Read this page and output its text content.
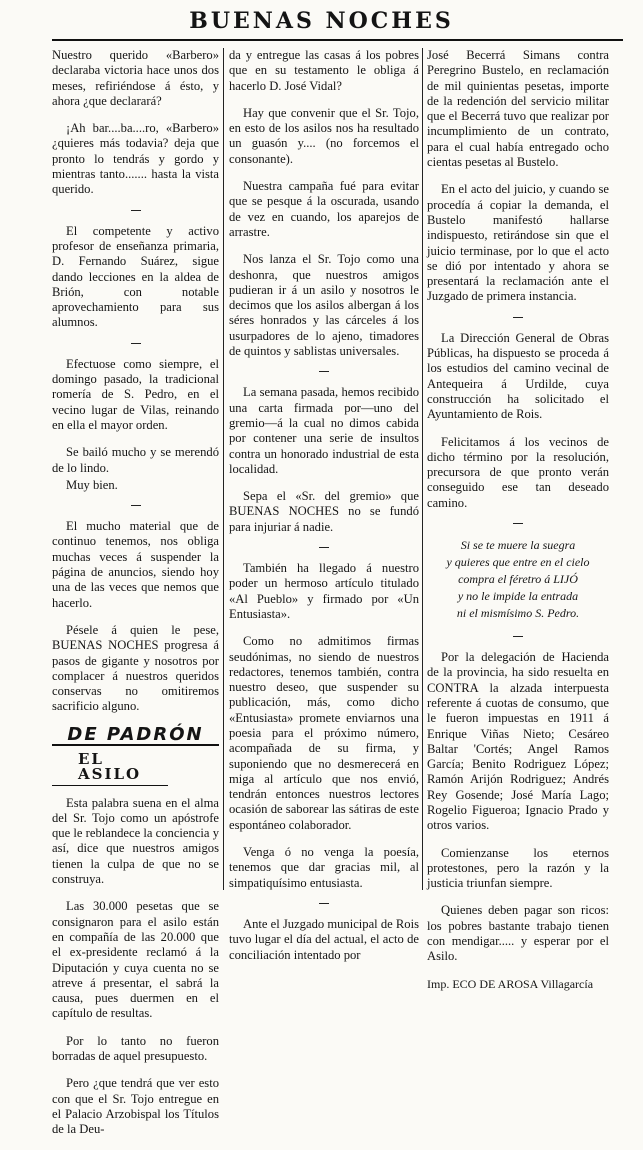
BUENAS NOCHES

Nuestro querido «Barbero» declaraba victoria hace unos dos meses, refiriéndose á ésto, y ahora ¿que declarará?

¡Ah bar....ba....ro, «Barbero» ¿quieres más todavia? deja que pronto lo tendrás y gordo y mientras tanto....... hasta la vista querido.

El competente y activo profesor de enseñanza primaria, D. Fernando Suárez, sigue dando lecciones en la aldea de Brión, con notable aprovechamiento para sus alumnos.

Efectuose como siempre, el domingo pasado, la tradicional romería de S. Pedro, en el vecino lugar de Vilas, reinando en ella el mayor orden.

Se bailó mucho y se merendó de lo lindo.

Muy bien.

El mucho material que de continuo tenemos, nos obliga muchas veces á suspender la página de anuncios, siendo hoy una de las veces que nemos que hacerlo.

Pésele á quien le pese, BUENAS NOCHES progresa á pasos de gigante y nosotros por complacer á nuestros queridos conservas no omitiremos sacrificio alguno.

DE PADRÓN
EL ASILO

Esta palabra suena en el alma del Sr. Tojo como un apóstrofe que le reblandece la conciencia y así, dice que nuestros amigos tienen la culpa de que no se construya.

Las 30.000 pesetas que se consignaron para el asilo están en compañía de las 20.000 que el ex-presidente reclamó á la Diputación y cuya cuenta no se atreve á presentar, el sabrá la causa, pues duermen en el capítulo de resultas.

Por lo tanto no fueron borradas de aquel presupuesto.

Pero ¿que tendrá que ver esto con que el Sr. Tojo entregue en el Palacio Arzobispal los Títulos de la Deu-

da y entregue las casas á los pobres que en su testamento le obliga á hacerlo D. José Vidal?

Hay que convenir que el Sr. Tojo, en esto de los asilos nos ha resultado un guasón y.... (no forcemos el consonante).

Nuestra campaña fué para evitar que se pesque á la oscurada, usando de vez en cuando, los aparejos de arrastre.

Nos lanza el Sr. Tojo como una deshonra, que nuestros amigos pudieran ir á un asilo y nosotros le decimos que los asilos albergan á los séres honrados y las cárceles á los usurpadores de lo ajeno, timadores de quintos y sablistas universales.

La semana pasada, hemos recibido una carta firmada por—uno del gremio—á la cual no dimos cabida por contener una serie de insultos contra un honorado industrial de esta localidad.

Sepa el «Sr. del gremio» que BUENAS NOCHES no se fundó para injuriar á nadie.

También ha llegado á nuestro poder un hermoso artículo titulado «Al Pueblo» y firmado por «Un Entusiasta».

Como no admitimos firmas seudónimas, no siendo de nuestros redactores, tenemos también, contra nuestro deseo, que suspender su publicación, más, como dicho «Entusiasta» promete enviarnos una poesia para el próximo número, acompañada de su firma, y suponiendo que no desmerecerá en miga al artículo que nos envió, tendrán entonces nuestros lectores ocasión de saborear las sátiras de este espontáneo colaborador.

Venga ó no venga la poesía, tenemos que dar gracias mil, al simpatiquísimo entusiasta.

Ante el Juzgado municipal de Rois tuvo lugar el día del actual, el acto de conciliación intentado por

José Becerrá Simans contra Peregrino Bustelo, en reclamación de mil quinientas pesetas, importe de la redención del servicio militar que el Becerrá tuvo que realizar por incumplimiento de un contrato, para el cual había entregado ocho cientas pesetas al Bustelo.

En el acto del juicio, y cuando se procedía á copiar la demanda, el Bustelo manifestó hallarse indispuesto, retirándose sin que el juicio terminase, por lo que el acto se dió por intentado y ahora se presentará la reclamación ante el Juzgado de primera instancia.

La Dirección General de Obras Públicas, ha dispuesto se proceda á los estudios del camino vecinal de Antequeira á Urdilde, cuya construcción ha solicitado el Ayuntamiento de Rois.

Felicitamos á los vecinos de dicho término por la resolución, precursora de que pronto verán conseguido ese tan deseado camino.

Si se te muere la suegra
y quieres que entre en el cielo
compra el féretro á LIJÓ
y no le impide la entrada
ni el mismísimo S. Pedro.

Por la delegación de Hacienda de la provincia, ha sido resuelta en CONTRA la alzada interpuesta referente á cuotas de consumo, que le fueron impuestas en 1911 á Enrique Viñas Nieto; Cesáreo Baltar 'Cortés; Angel Ramos García; Benito Rodriguez López; Ramón Arijón Rodriguez; Andrés Rey Gosende; José María Lago; Rogelio Figueroa; Ignacio Prado y otros varios.

Comienzanse los eternos protestones, pero la razón y la justicia triunfan siempre.

Quienes deben pagar son ricos: los pobres bastante trabajo tienen con mendigar..... y esperar por el Asilo.

Imp. ECO DE AROSA Villagarcía
